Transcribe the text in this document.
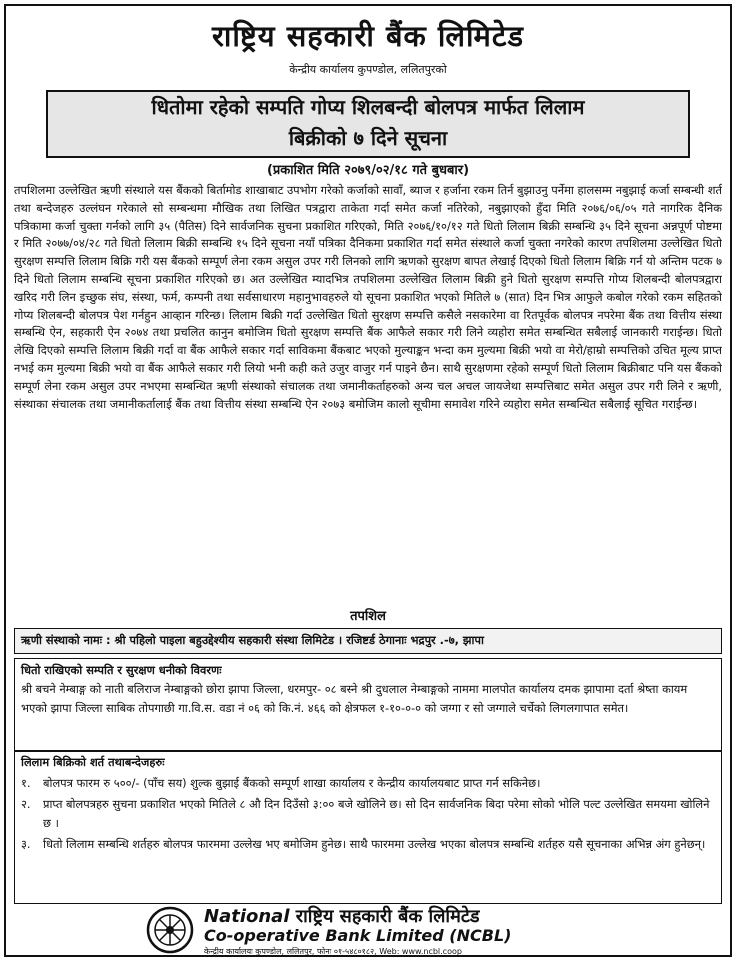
राष्ट्रिय सहकारी बैंक लिमिटेड
केन्द्रीय कार्यालय कुपण्डोल, ललितपुरको
धितोमा रहेको सम्पति गोप्य शिलबन्दी बोलपत्र मार्फत लिलाम
बिक्रीको ७ दिने सूचना
(प्रकाशित मिति २०७९/०२/१८ गते बुधबार)
तपशिलमा उल्लेखित ऋणी संस्थाले यस बैंकको बिर्तामोड शाखाबाट उपभोग गरेको कर्जाको सावाँ, ब्याज र हर्जाना रकम तिर्न बुझाउनु पर्नेमा हालसम्म नबुझाई कर्जा सम्बन्धी शर्त तथा बन्देजहरु उल्लंघन गरेकाले सो सम्बन्धमा मौखिक तथा लिखित पत्रद्वारा ताकेता गर्दा समेत कर्जा नतिरेको, नबुझाएको हुँदा मिति २०७६/०६/०५ गते नागरिक दैनिक पत्रिकामा कर्जा चुक्ता गर्नको लागि ३५ (पैतिस) दिने सार्वजनिक सुचना प्रकाशित गरिएको, मिति २०७६/१०/१२ गते धितो लिलाम बिक्री सम्बन्धि ३५ दिने सूचना अन्नपूर्ण पोष्टमा र मिति २०७७/०४/२८ गते धितो लिलाम बिक्री सम्बन्धि १५ दिने सूचना नयाँ पत्रिका दैनिकमा प्रकाशित गर्दा समेत संस्थाले कर्जा चुक्ता नगरेको कारण तपशिलमा उल्लेखित धितो सुरक्षण सम्पत्ति लिलाम बिक्रि गरी यस बैंकको सम्पूर्ण लेना रकम असुल उपर गरी लिनको लागि ऋणको सुरक्षण बापत लेखाई दिएको धितो लिलाम बिक्रि गर्न यो अन्तिम पटक ७ दिने धितो लिलाम सम्बन्धि सूचना प्रकाशित गरिएको छ। अत उल्लेखित म्यादभित्र तपशिलमा उल्लेखित लिलाम बिक्री हुने धितो सुरक्षण सम्पत्ति गोप्य शिलबन्दी बोलपत्रद्वारा खरिद गरी लिन इच्छुक संघ, संस्था, फर्म, कम्पनी तथा सर्वसाधारण महानुभावहरुले यो सूचना प्रकाशित भएको मितिले ७ (सात) दिन भित्र आफुले कबोल गरेको रकम सहितको गोप्य शिलबन्दी बोलपत्र पेश गर्नहुन आव्हान गरिन्छ। लिलाम बिक्री गर्दा उल्लेखित धितो सुरक्षण सम्पत्ति कसैले नसकारेमा वा रितपूर्वक बोलपत्र नपरेमा बैंक तथा वित्तीय संस्था सम्बन्धि ऐन, सहकारी ऐन २०७४ तथा प्रचलित कानुन बमोजिम धितो सुरक्षण सम्पत्ति बैंक आफैले सकार गरी लिने व्यहोरा समेत सम्बन्धित सबैलाई जानकारी गराईन्छ। धितो लेखि दिएको सम्पत्ति लिलाम बिक्री गर्दा वा बैंक आफैले सकार गर्दा साविकमा बैंकबाट भएको मुल्याङ्कन भन्दा कम मुल्यमा बिक्री भयो वा मेरो/हाम्रो सम्पत्तिको उचित मूल्य प्राप्त नभई कम मुल्यमा बिक्री भयो वा बैंक आफैले सकार गरी लियो भनी कही कते उजुर वाजुर गर्न पाइने छैन। साथै सुरक्षणमा रहेको सम्पूर्ण धितो लिलाम बिक्रीबाट पनि यस बैंकको सम्पूर्ण लेना रकम असुल उपर नभएमा सम्बन्धित ऋणी संस्थाको संचालक तथा जमानीकर्ताहरुको अन्य चल अचल जायजेथा सम्पत्तिबाट समेत असुल उपर गरी लिने र ऋणी, संस्थाका संचालक तथा जमानीकर्तालाई बैंक तथा वित्तीय संस्था सम्बन्धि ऐन २०७३ बमोजिम कालो सूचीमा समावेश गरिने व्यहोरा समेत सम्बन्धित सबैलाई सूचित गराईन्छ।
तपशिल
ऋणी संस्थाको नामः : श्री पहिलो पाइला बहुउद्देश्यीय सहकारी संस्था लिमिटेड । रजिष्टर्ड ठेगानाः भद्रपुर .-७, झापा
धितो राखिएको सम्पति र सुरक्षण धनीको विवरणः
श्री बचने नेम्बाङ्ग को नाती बलिराज नेम्बाङ्गको छोरा झापा जिल्ला, धरमपुर- ०८ बस्ने श्री दुधलाल नेम्बाङ्गको नाममा मालपोत कार्यालय दमक झापामा दर्ता श्रेष्ता कायम भएको झापा जिल्ला साबिक तोपगाछी गा.वि.स. वडा नं ०६ को कि.नं. ४६६ को क्षेत्रफल १-१०-०-० को जग्गा र सो जग्गाले चर्चेको लिगलगापात समेत।
लिलाम बिक्रिको शर्त तथाबन्देजहरुः
१.	बोलपत्र फारम रु ५००/- (पाँच सय) शुल्क बुझाई बैंकको सम्पूर्ण शाखा कार्यालय र केन्द्रीय कार्यालयबाट प्राप्त गर्न सकिनेछ।
२.	प्राप्त बोलपत्रहरु सुचना प्रकाशित भएको मितिले ८ औ दिन दिउँसो ३:०० बजे खोलिने छ। सो दिन सार्वजनिक बिदा परेमा सोको भोलि पल्ट उल्लेखित समयमा खोलिने छ ।
३.	धितो लिलाम सम्बन्धि शर्तहरु बोलपत्र फारममा उल्लेख भए बमोजिम हुनेछ। साथै फारममा उल्लेख भएका बोलपत्र सम्बन्धि शर्तहरु यसै सूचनाका अभिन्न अंग हुनेछन्।
National राष्ट्रिय सहकारी बैंक लिमिटेड
Co-operative Bank Limited (NCBL)
केन्द्रीय कार्यालयः कुपण्डोल, ललितपुर, फोनः ०१-५४८०१८२, Web: www.ncbl.coop
